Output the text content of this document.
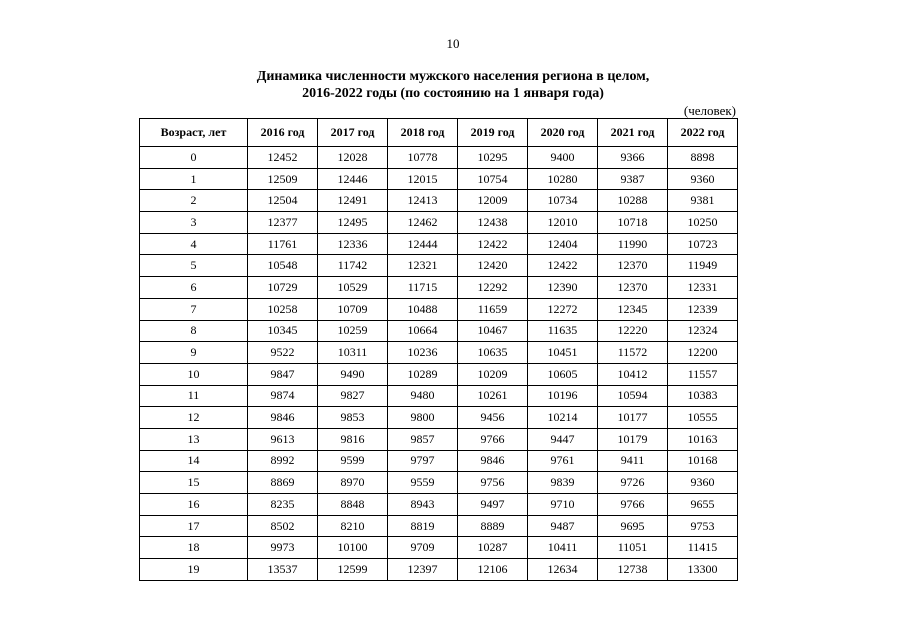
10
Динамика численности мужского населения региона в целом,
2016-2022 годы (по состоянию на 1 января года)
(человек)
Возраст, лет	2016 год	2017 год	2018 год	2019 год	2020 год	2021 год	2022 год
0	12452	12028	10778	10295	9400	9366	8898
1	12509	12446	12015	10754	10280	9387	9360
2	12504	12491	12413	12009	10734	10288	9381
3	12377	12495	12462	12438	12010	10718	10250
4	11761	12336	12444	12422	12404	11990	10723
5	10548	11742	12321	12420	12422	12370	11949
6	10729	10529	11715	12292	12390	12370	12331
7	10258	10709	10488	11659	12272	12345	12339
8	10345	10259	10664	10467	11635	12220	12324
9	9522	10311	10236	10635	10451	11572	12200
10	9847	9490	10289	10209	10605	10412	11557
11	9874	9827	9480	10261	10196	10594	10383
12	9846	9853	9800	9456	10214	10177	10555
13	9613	9816	9857	9766	9447	10179	10163
14	8992	9599	9797	9846	9761	9411	10168
15	8869	8970	9559	9756	9839	9726	9360
16	8235	8848	8943	9497	9710	9766	9655
17	8502	8210	8819	8889	9487	9695	9753
18	9973	10100	9709	10287	10411	11051	11415
19	13537	12599	12397	12106	12634	12738	13300
